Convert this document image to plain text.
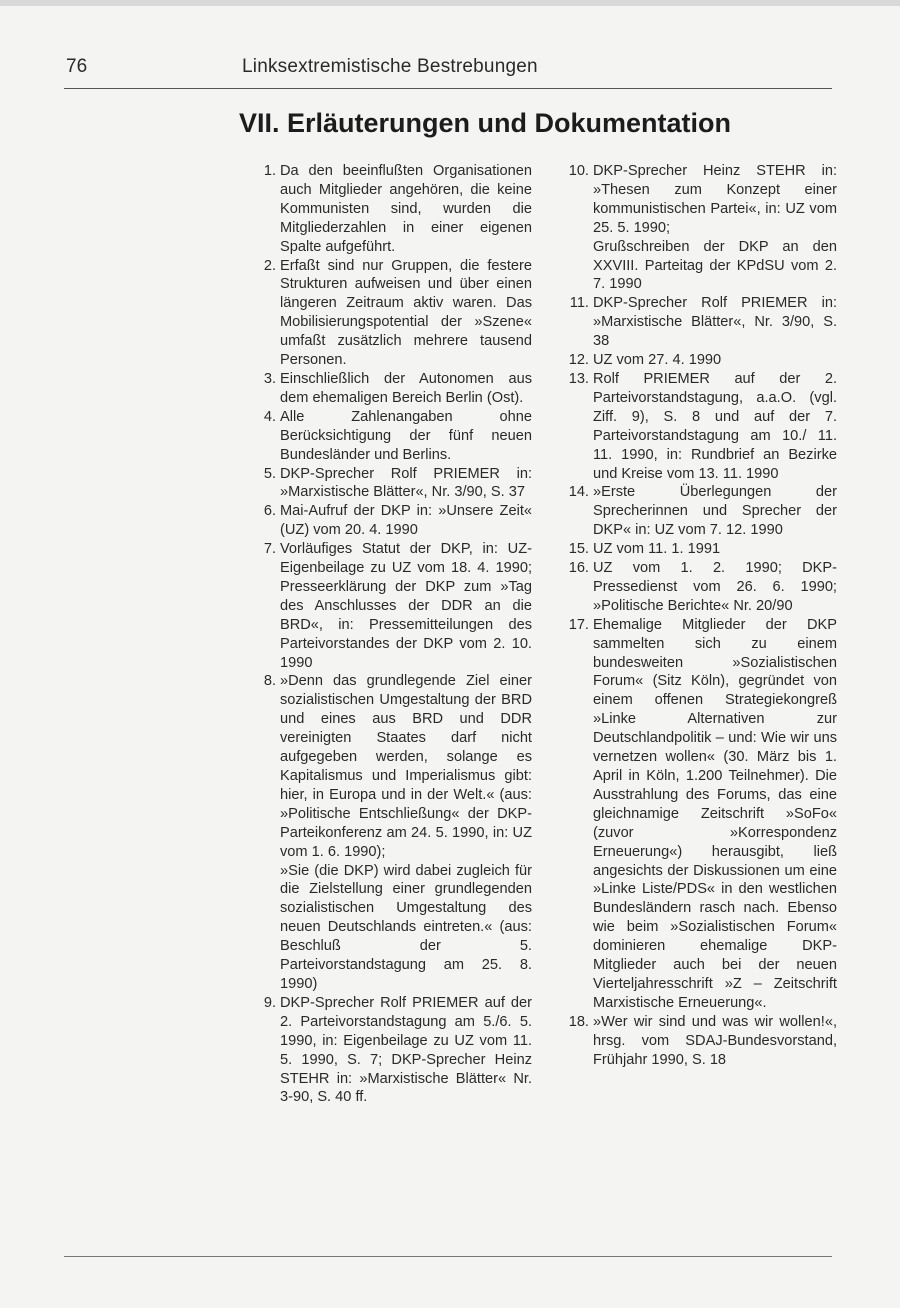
76	Linksextremistische Bestrebungen
VII. Erläuterungen und Dokumentation
1. Da den beeinflußten Organisationen auch Mitglieder angehören, die keine Kommunisten sind, wurden die Mitgliederzahlen in einer eigenen Spalte aufgeführt.
2. Erfaßt sind nur Gruppen, die festere Strukturen aufweisen und über einen längeren Zeitraum aktiv waren. Das Mobilisierungspotential der »Szene« umfaßt zusätzlich mehrere tausend Personen.
3. Einschließlich der Autonomen aus dem ehemaligen Bereich Berlin (Ost).
4. Alle Zahlenangaben ohne Berücksichtigung der fünf neuen Bundesländer und Berlins.
5. DKP-Sprecher Rolf PRIEMER in: »Marxistische Blätter«, Nr. 3/90, S. 37
6. Mai-Aufruf der DKP in: »Unsere Zeit« (UZ) vom 20. 4. 1990
7. Vorläufiges Statut der DKP, in: UZ-Eigenbeilage zu UZ vom 18. 4. 1990; Presseerklärung der DKP zum »Tag des Anschlusses der DDR an die BRD«, in: Pressemitteilungen des Parteivorstandes der DKP vom 2. 10. 1990
8. »Denn das grundlegende Ziel einer sozialistischen Umgestaltung der BRD und eines aus BRD und DDR vereinigten Staates darf nicht aufgegeben werden, solange es Kapitalismus und Imperialismus gibt: hier, in Europa und in der Welt.« (aus: »Politische Entschließung« der DKP-Parteikonferenz am 24. 5. 1990, in: UZ vom 1. 6. 1990);
»Sie (die DKP) wird dabei zugleich für die Zielstellung einer grundlegenden sozialistischen Umgestaltung des neuen Deutschlands eintreten.« (aus: Beschluß der 5. Parteivorstandstagung am 25. 8. 1990)
9. DKP-Sprecher Rolf PRIEMER auf der 2. Parteivorstandstagung am 5./6. 5. 1990, in: Eigenbeilage zu UZ vom 11. 5. 1990, S. 7; DKP-Sprecher Heinz STEHR in: »Marxistische Blätter« Nr. 3-90, S. 40 ff.
10. DKP-Sprecher Heinz STEHR in: »Thesen zum Konzept einer kommunistischen Partei«, in: UZ vom 25. 5. 1990;
Grußschreiben der DKP an den XXVIII. Parteitag der KPdSU vom 2. 7. 1990
11. DKP-Sprecher Rolf PRIEMER in: »Marxistische Blätter«, Nr. 3/90, S. 38
12. UZ vom 27. 4. 1990
13. Rolf PRIEMER auf der 2. Parteivorstandstagung, a.a.O. (vgl. Ziff. 9), S. 8 und auf der 7. Parteivorstandstagung am 10./ 11. 11. 1990, in: Rundbrief an Bezirke und Kreise vom 13. 11. 1990
14. »Erste Überlegungen der Sprecherinnen und Sprecher der DKP« in: UZ vom 7. 12. 1990
15. UZ vom 11. 1. 1991
16. UZ vom 1. 2. 1990; DKP-Pressedienst vom 26. 6. 1990; »Politische Berichte« Nr. 20/90
17. Ehemalige Mitglieder der DKP sammelten sich zu einem bundesweiten »Sozialistischen Forum« (Sitz Köln), gegründet von einem offenen Strategiekongreß »Linke Alternativen zur Deutschlandpolitik – und: Wie wir uns vernetzen wollen« (30. März bis 1. April in Köln, 1.200 Teilnehmer). Die Ausstrahlung des Forums, das eine gleichnamige Zeitschrift »SoFo« (zuvor »Korrespondenz Erneuerung«) herausgibt, ließ angesichts der Diskussionen um eine »Linke Liste/PDS« in den westlichen Bundesländern rasch nach. Ebenso wie beim »Sozialistischen Forum« dominieren ehemalige DKP-Mitglieder auch bei der neuen Vierteljahresschrift »Z – Zeitschrift Marxistische Erneuerung«.
18. »Wer wir sind und was wir wollen!«, hrsg. vom SDAJ-Bundesvorstand, Frühjahr 1990, S. 18
